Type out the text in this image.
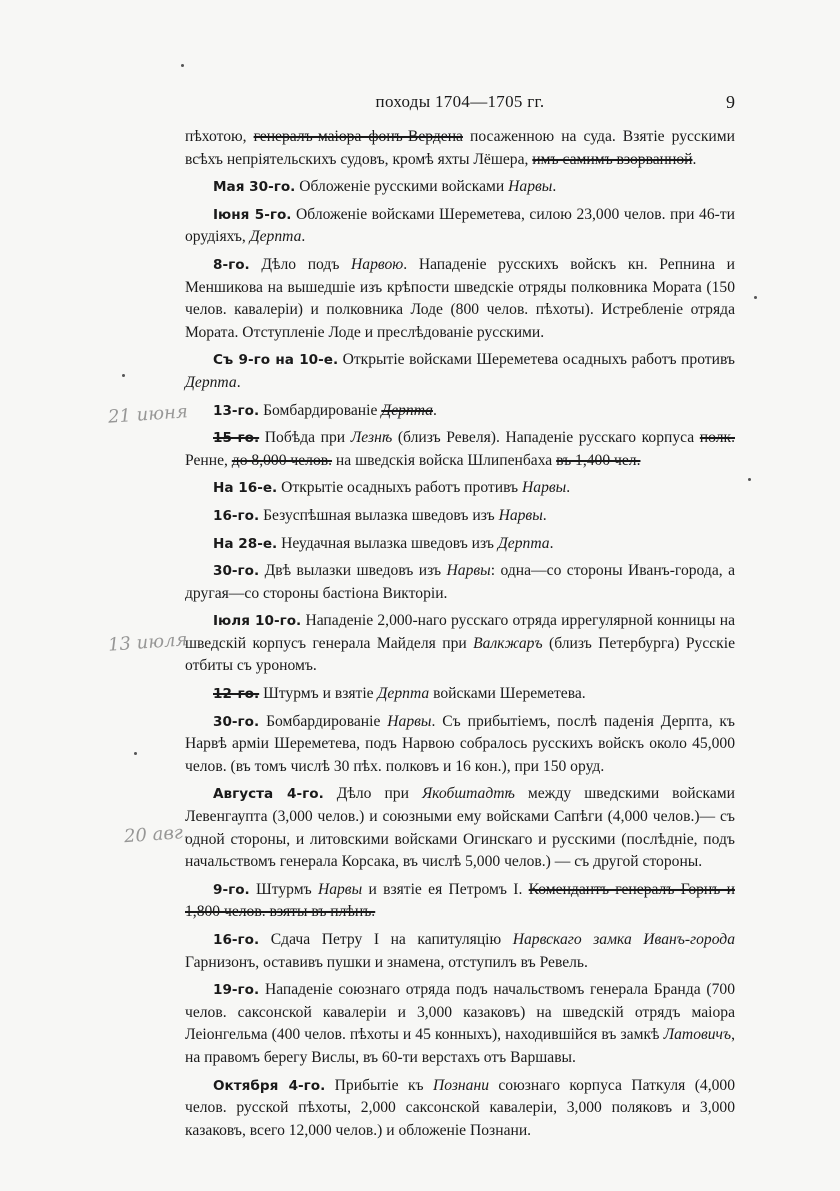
походы 1704—1705 гг.	9
21 июня
13 июля
20 авг.

пѣхотою, генералъ-маіора фонъ-Вердена посаженною на суда. Взятіе русскими всѣхъ непріятельскихъ судовъ, кромѣ яхты Лёшера, имъ самимъ взорванной.

Мая 30-го. Обложеніе русскими войсками Нарвы.

Іюня 5-го. Обложеніе войсками Шереметева, силою 23,000 челов. при 46-ти орудіяхъ, Дерпта.

8-го. Дѣло подъ Нарвою. Нападеніе русскихъ войскъ кн. Репнина и Меншикова на вышедшіе изъ крѣпости шведскіе отряды полковника Мората (150 челов. кавалеріи) и полковника Лоде (800 челов. пѣхоты). Истребленіе отряда Мората. Отступленіе Лоде и преслѣдованіе русскими.

Съ 9-го на 10-е. Открытіе войсками Шереметева осадныхъ работъ противъ Дерпта.

13-го. Бомбардированіе Дерпта.

15-го. Побѣда при Лезнѣ (близъ Ревеля). Нападеніе русскаго корпуса полк. Ренне, до 8,000 челов. на шведскія войска Шлипенбаха въ 1,400 чел.

На 16-е. Открытіе осадныхъ работъ противъ Нарвы.

16-го. Безуспѣшная вылазка шведовъ изъ Нарвы.

На 28-е. Неудачная вылазка шведовъ изъ Дерпта.

30-го. Двѣ вылазки шведовъ изъ Нарвы: одна—со стороны Иванъ-города, а другая—со стороны бастіона Викторіи.

Іюля 10-го. Нападеніе 2,000-наго русскаго отряда иррегулярной конницы на шведскій корпусъ генерала Майделя при Валкжаръ (близъ Петербурга) Русскіе отбиты съ урономъ.

12-го. Штурмъ и взятіе Дерпта войсками Шереметева.

30-го. Бомбардированіе Нарвы. Съ прибытіемъ, послѣ паденія Дерпта, къ Нарвѣ арміи Шереметева, подъ Нарвою собралось русскихъ войскъ около 45,000 челов. (въ томъ числѣ 30 пѣх. полковъ и 16 кон.), при 150 оруд.

Августа 4-го. Дѣло при Якобштадтѣ между шведскими войсками Левенгаупта (3,000 челов.) и союзными ему войсками Сапѣги (4,000 челов.)— съ одной стороны, и литовскими войсками Огинскаго и русскими (послѣдніе, подъ начальствомъ генерала Корсака, въ числѣ 5,000 челов.) — съ другой стороны.

9-го. Штурмъ Нарвы и взятіе ея Петромъ I. Комендантъ генералъ Горнъ и 1,800 челов. взяты въ плѣнъ.

16-го. Сдача Петру I на капитуляцію Нарвскаго замка Иванъ-города Гарнизонъ, оставивъ пушки и знамена, отступилъ въ Ревель.

19-го. Нападеніе союзнаго отряда подъ начальствомъ генерала Бранда (700 челов. саксонской кавалеріи и 3,000 казаковъ) на шведскій отрядъ маіора Леіонгельма (400 челов. пѣхоты и 45 конныхъ), находившійся въ замкѣ Латовичъ, на правомъ берегу Вислы, въ 60-ти верстахъ отъ Варшавы.

Октября 4-го. Прибытіе къ Познани союзнаго корпуса Паткуля (4,000 челов. русской пѣхоты, 2,000 саксонской кавалеріи, 3,000 поляковъ и 3,000 казаковъ, всего 12,000 челов.) и обложеніе Познани.
